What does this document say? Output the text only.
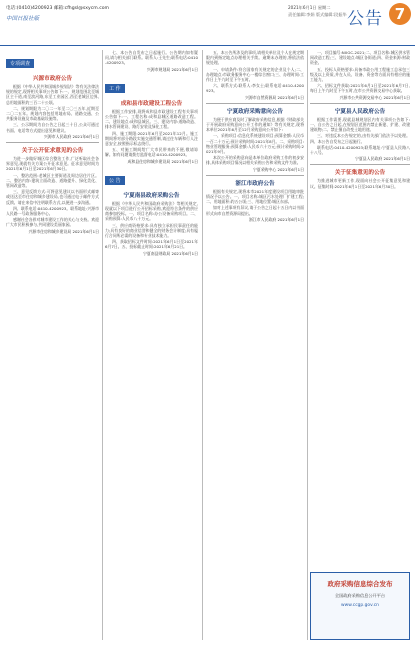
电话:(0410)4200923 邮箱:cfhgsl@sxycm.com
中国日报社版
2021年6月1日 星期二
责任编辑:李娟 版式编辑:段振华 公告 7
专项调查
兴源市政府公告

根据《中华人民共和国城乡规划法》等有关法律法规的规定,现将相关事项公告如下:一、规划范围北至城区主干道,南至滨河路,东至工业园区,西至老城区边界,总用地面积约三百二十公顷。

二、规划期限为二〇二一年至二〇三五年,近期至二〇二五年。规划内容包括用地布局、道路交通、公共服务设施及市政基础设施等。

三、公示期间为自公告之日起三十日,公众可通过书面、电话等方式提出意见和建议。

兴源市人民政府 2021年6月1日
关于公开征求意见的公告

为进一步做好城区综合整治工作,广泛听取社会各界意见,现就有关方案公开征求意见。征求意见时间为2021年6月1日至2021年6月30日。

一、整治范围:老城区主要街道及周边居住片区。二、整治内容:建筑立面改造、道路提升、绿化美化、管网改造等。

三、意见反馈方式:可将意见建议以书面形式邮寄或送达至市住房和城乡建设局,也可通过电子邮件方式反馈。请在来信中注明联系方式,以便进一步沟通。

四、联系电话:0410-4200923。联系地址:兴源市人民路一号政务服务中心。

感谢社会各界对城市建设工作的关心与支持。欢迎广大市民积极参与,共同建设美丽家园。

兴源市住房和城乡建设局 2021年6月1日

七、本公告自发布之日起施行。公告期内如有疑问,请与相关部门联系。联系人:王先生;联系电话:0410-4200923。

兴源市规划局 2021年6月1日
工 作
成和县市政建设工程公告

根据工作安排,现将成和县市政建设工程有关事项公告如下:一、工程名称:成和县城区道路改造工程。二、建设地点:成和县城区。三、建设内容:道路改造、排水管网建设、路灯安装及绿化工程。

四、施工期限:2021年6月至2021年12月。施工期间将对部分路段实施交通管制,请过往车辆和行人注意安全,按照指示标志绕行。

五、对施工期间给广大市民带来的不便,敬请谅解。如有问题请拨打监督电话:0410-4200923。

成和县住房和城乡建设局 2021年6月1日
公 告
宁夏南县政府采购公告

根据《中华人民共和国政府采购法》等相关规定,现就以下项目进行公开招标采购,欢迎符合条件的供应商参加投标。一、项目名称:办公设备采购项目。二、采购预算:人民币八十万元。

三、供应商资格要求:具有独立承担民事责任的能力;具有良好的商业信誉和健全的财务会计制度;具有履行合同所必需的设备和专业技术能力。

四、获取招标文件时间:2021年6月1日至2021年6月7日。五、投标截止时间:2021年6月21日。

宁夏南县财政局 2021年6月1日

五、本公告所涉及的事项,请相关单位及个人在规定期限内到指定地点办理相关手续。逾期未办理的,将依法依规处理。

一、申请条件:符合国家有关规定的企业及个人;二、办理地点:市政务服务中心一楼综合窗口;三、办理时间:工作日上午九时至下午五时。

六、联系方式:联系人:李女士;联系电话:0410-4200923。

兴源市自然资源局 2021年6月1日
宁夏政府采购意向公告

为便于供应商及时了解政府采购信息,根据《财政部关于开展政府采购意向公开工作的通知》等有关规定,现将本单位2021年6月至12月采购意向公开如下:

一、采购项目:信息化系统建设项目;预算金额:人民币一百二十万元;预计采购时间:2021年8月。二、采购项目:物业管理服务;预算金额:人民币六十万元;预计采购时间:2021年9月。

本次公开的采购意向是本单位政府采购工作的初步安排,具体采购项目情况以相关采购公告和采购文件为准。

宁夏采购中心 2021年6月1日
浙江市政府公告

根据有关规定,现将本市2021年度建设项目用地审批情况予以公告。一、项目名称:城区污水处理厂扩建工程;二、用地面积:约五公顷;三、用地位置:城区东部。

如对上述事项有异议,请于公告之日起十五日内以书面形式向市自然资源局提出。

浙江市人民政府 2021年6月1日

一、项目编号:NXGC-2021;二、项目名称:城区供水管网改造工程;三、建设地点:城区各街道;四、资金来源:财政资金。

五、投标人资格要求:具备市政公用工程施工总承包三级及以上资质,并在人员、设备、资金等方面具有相应的施工能力。

六、招标文件获取:2021年6月1日至2021年6月7日,每日上午九时至下午五时,在市公共资源交易中心获取。

兴源市公共资源交易中心 2021年6月1日
宁夏县人民政府公告

根据工作需要,现就县城规划区内有关事项公告如下:一、自公告之日起,在规划区范围内禁止新建、扩建、改建建筑物;二、禁止擅自改变土地用途。

三、对违反本公告规定的,由有关部门依法予以处理。四、本公告自发布之日起施行。

联系电话:0410-4200923;联系地址:宁夏县人民路八十八号。

宁夏县人民政府 2021年6月1日
关于征集意见的公告

为推进城市更新工作,现面向社会公开征集意见和建议。征集时间:2021年6月1日至2021年6月30日。

政府采购信息综合发布
全国政府采购信息公开平台
www.ccgp.gov.cn
